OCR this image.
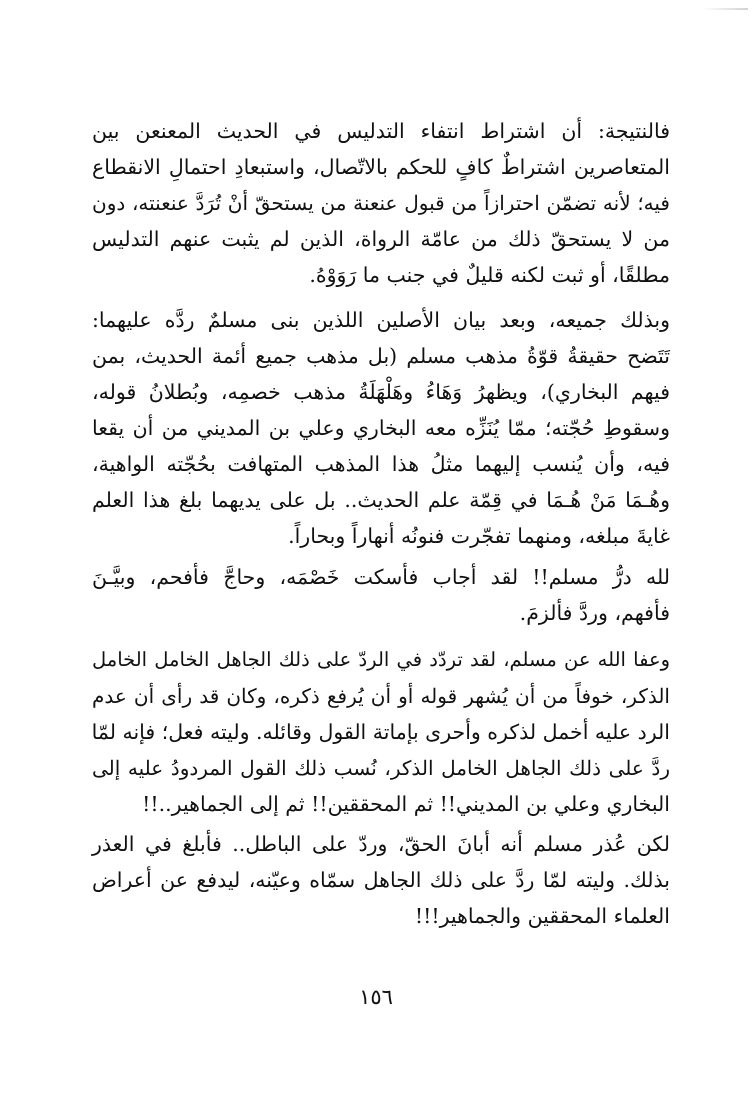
فالنتيجة: أن اشتراط انتفاء التدليس في الحديث المعنعن بين
المتعاصرين اشتراطٌ كافٍ للحكم بالاتّصال، واستبعادِ احتمالِ الانقطاع
فيه؛ لأنه تضمّن احترازاً من قبول عنعنة من يستحقّ أنْ تُرَدَّ عنعنته، دون
من لا يستحقّ ذلك من عامّة الرواة، الذين لم يثبت عنهم التدليس
مطلقًا، أو ثبت لكنه قليلٌ في جنب ما رَوَوْهُ.
وبذلك جميعه، وبعد بيان الأصلين اللذين بنى مسلمٌ ردَّه عليهما:
تَتَضح حقيقةُ قوّةُ مذهب مسلم (بل مذهب جميع أئمة الحديث، بمن
فيهم البخاري)، ويظهرُ وَهَاءُ وهَلْهَلَةُ مذهب خصمِه، وبُطلانُ قوله،
وسقوطِ حُجّته؛ ممّا يُنَزِّه معه البخاري وعلي بن المديني من أن يقعا
فيه، وأن يُنسب إليهما مثلُ هذا المذهب المتهافت بحُجّته الواهية،
وهُـمَا مَنْ هُـمَا في قِمّة علم الحديث.. بل على يديهما بلغ هذا العلم
غايةَ مبلغه، ومنهما تفجّرت فنونُه أنهاراً وبحاراً.
لله درُّ مسلم!! لقد أجاب فأسكت خَصْمَه، وحاجَّ فأفحم، وبيَّـنَ
فأفهم، وردَّ فألزمَ.
وعفا الله عن مسلم، لقد تردّد في الردّ على ذلك الجاهل الخامل الخامل
الذكر، خوفاً من أن يُشهر قوله أو أن يُرفع ذكره، وكان قد رأى أن عدم
الرد عليه أخمل لذكره وأحرى بإماتة القول وقائله. وليته فعل؛ فإنه لمّا
ردَّ على ذلك الجاهل الخامل الذكر، نُسب ذلك القول المردودُ عليه إلى
البخاري وعلي بن المديني!! ثم المحققين!! ثم إلى الجماهير..!!
لكن عُذر مسلم أنه أبانَ الحقّ، وردّ على الباطل.. فأبلغ في العذر
بذلك. وليته لمّا ردَّ على ذلك الجاهل سمّاه وعيّنه، ليدفع عن أعراض
العلماء المحققين والجماهير!!!
١٥٦
